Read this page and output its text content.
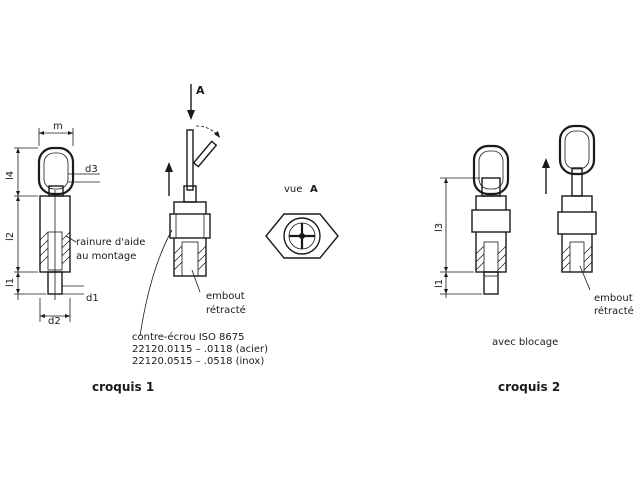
m
l4
l2
l1
d3
d1
d2
rainure d'aide
au montage
A
embout
rétracté
contre-écrou ISO 8675
22120.0115 – .0118 (acier)
22120.0515 – .0518 (inox)
vue A
l3
l1
embout
rétracté
avec blocage
croquis 1	croquis 2
